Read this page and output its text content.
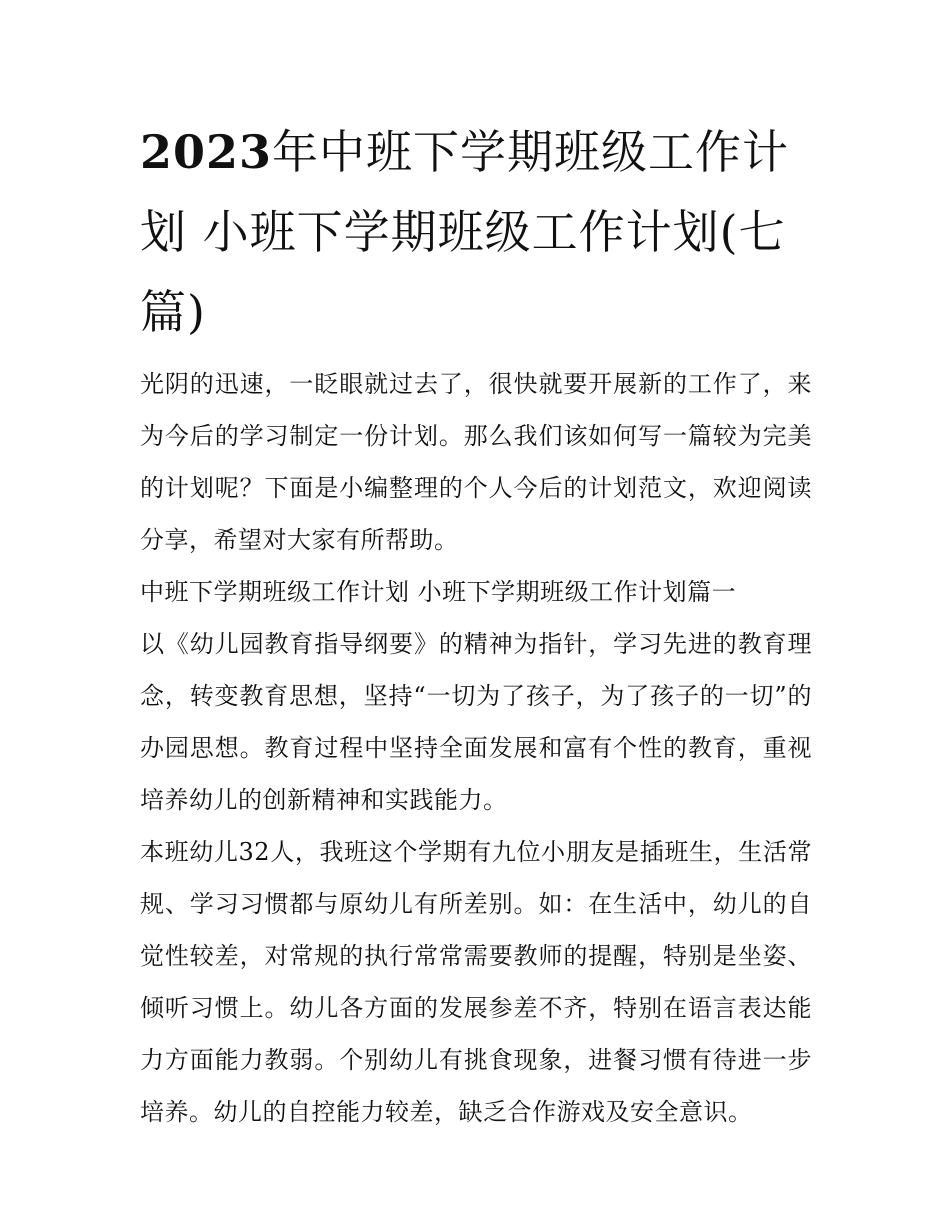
2023年中班下学期班级工作计划 小班下学期班级工作计划(七篇)

光阴的迅速，一眨眼就过去了，很快就要开展新的工作了，来为今后的学习制定一份计划。那么我们该如何写一篇较为完美的计划呢？下面是小编整理的个人今后的计划范文，欢迎阅读分享，希望对大家有所帮助。

中班下学期班级工作计划 小班下学期班级工作计划篇一

以《幼儿园教育指导纲要》的精神为指针，学习先进的教育理念，转变教育思想，坚持“一切为了孩子，为了孩子的一切”的办园思想。教育过程中坚持全面发展和富有个性的教育，重视培养幼儿的创新精神和实践能力。

本班幼儿32人，我班这个学期有九位小朋友是插班生，生活常规、学习习惯都与原幼儿有所差别。如：在生活中，幼儿的自觉性较差，对常规的执行常常需要教师的提醒，特别是坐姿、倾听习惯上。幼儿各方面的发展参差不齐，特别在语言表达能力方面能力教弱。个别幼儿有挑食现象，进餐习惯有待进一步培养。幼儿的自控能力较差，缺乏合作游戏及安全意识。
